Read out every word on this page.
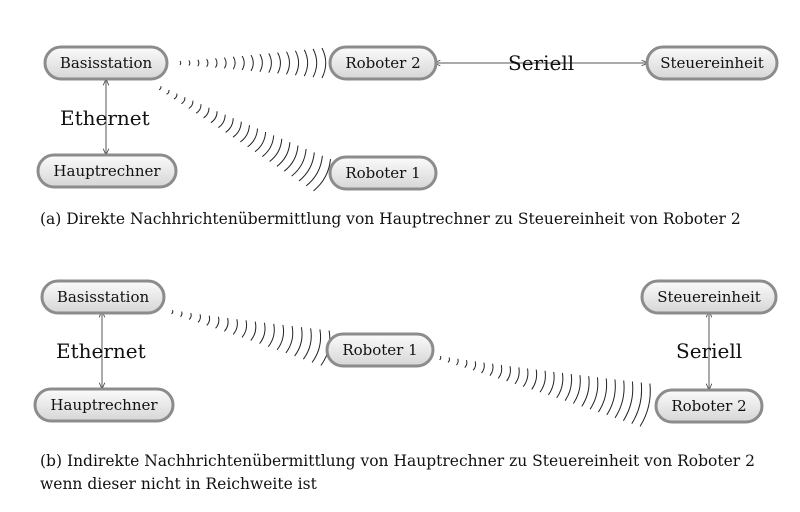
Ethernet
Seriell
Basisstation
Hauptrechner
Roboter 2
Roboter 1
Steuereinheit
Ethernet	Seriell
Basisstation
Hauptrechner
Roboter 1
Steuereinheit
Roboter 2
(a) Direkte Nachhrichtenübermittlung von Hauptrechner zu Steuereinheit von Roboter 2
(b) Indirekte Nachhrichtenübermittlung von Hauptrechner zu Steuereinheit von Roboter 2 wenn dieser nicht in Reichweite ist
